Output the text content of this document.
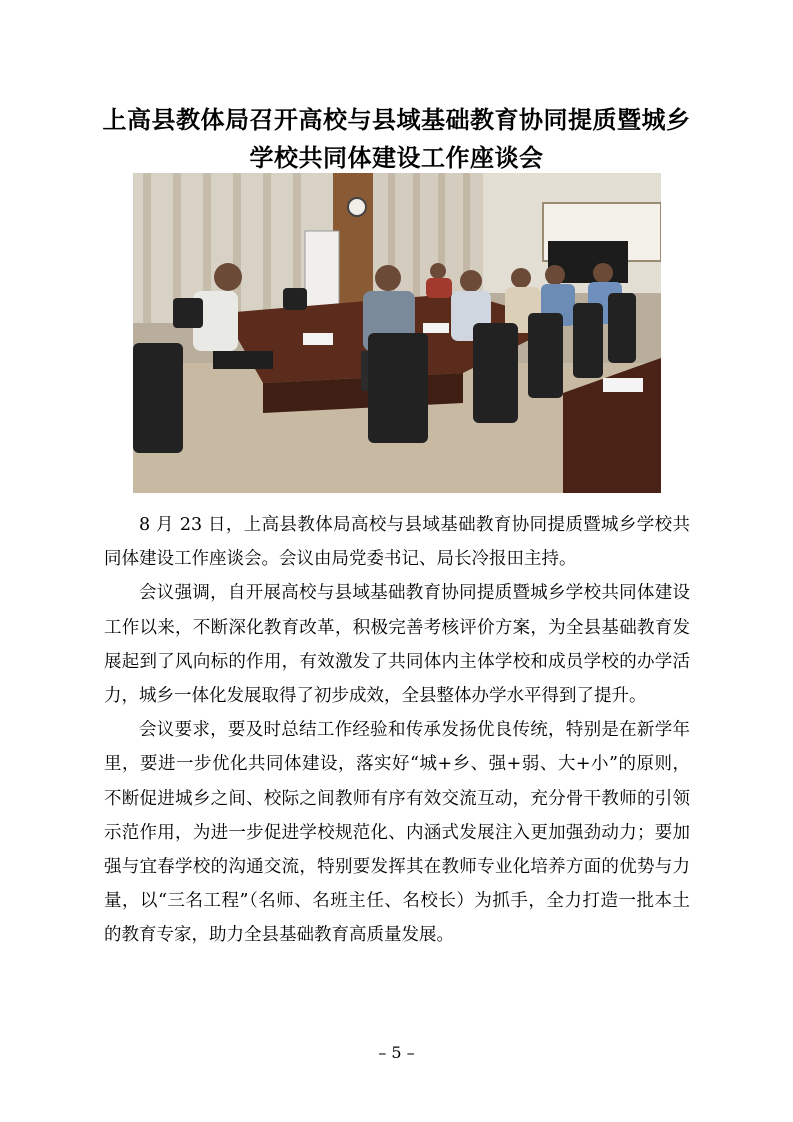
上高县教体局召开高校与县域基础教育协同提质暨城乡
学校共同体建设工作座谈会

8 月 23 日，上高县教体局高校与县域基础教育协同提质暨城乡学校共同体建设工作座谈会。会议由局党委书记、局长冷报田主持。

会议强调，自开展高校与县域基础教育协同提质暨城乡学校共同体建设工作以来，不断深化教育改革，积极完善考核评价方案，为全县基础教育发展起到了风向标的作用，有效激发了共同体内主体学校和成员学校的办学活力，城乡一体化发展取得了初步成效，全县整体办学水平得到了提升。

会议要求，要及时总结工作经验和传承发扬优良传统，特别是在新学年里，要进一步优化共同体建设，落实好“城+乡、强+弱、大+小”的原则，不断促进城乡之间、校际之间教师有序有效交流互动，充分骨干教师的引领示范作用，为进一步促进学校规范化、内涵式发展注入更加强劲动力；要加强与宜春学校的沟通交流，特别要发挥其在教师专业化培养方面的优势与力量，以“三名工程”（名师、名班主任、名校长）为抓手，全力打造一批本土的教育专家，助力全县基础教育高质量发展。

– 5 –
